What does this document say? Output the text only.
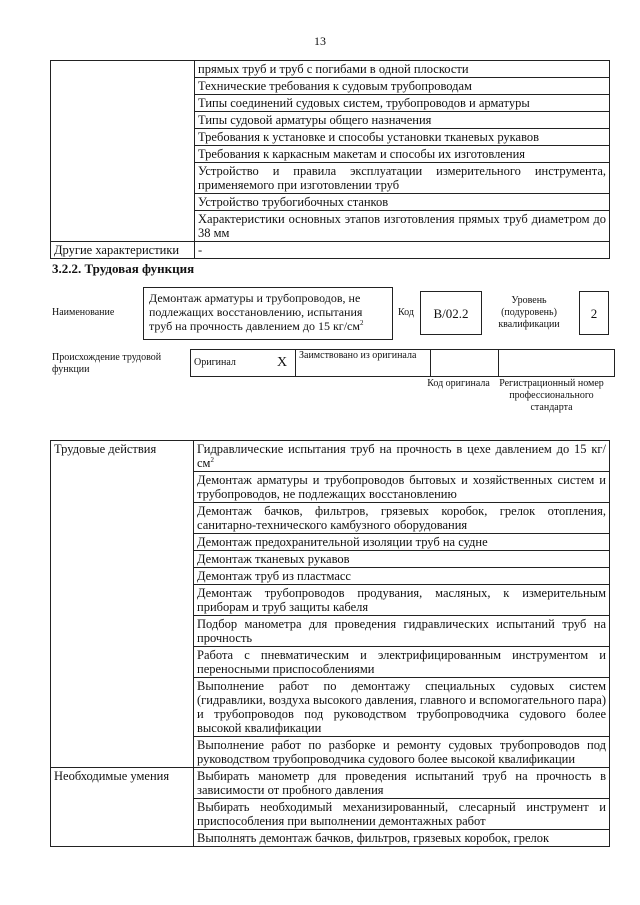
13
	прямых труб и труб с погибами в одной плоскости
	Технические требования к судовым трубопроводам
	Типы соединений судовых систем, трубопроводов и арматуры
	Типы судовой арматуры общего назначения
	Требования к установке и способы установки тканевых рукавов
	Требования к каркасным макетам и способы их изготовления
	Устройство и правила эксплуатации измерительного инструмента, применяемого при изготовлении труб
	Устройство трубогибочных станков
	Характеристики основных этапов изготовления прямых труб диаметром до 38 мм
Другие характеристики	-
3.2.2. Трудовая функция
Наименование
Демонтаж арматуры и трубопроводов, не подлежащих восстановлению, испытания труб на прочность давлением до 15 $кг/см^2$
Код	B/02.2
Уровень (подуровень) квалификации
2
Происхождение трудовой функции
Оригинал	X	Заимствовано из оригинала		
Код оригинала Регистрационный номер профессионального стандарта
Трудовые действия	Гидравлические испытания труб на прочность в цехе давлением до 15 $кг/см^2$
	Демонтаж арматуры и трубопроводов бытовых и хозяйственных систем и трубопроводов, не подлежащих восстановлению
	Демонтаж бачков, фильтров, грязевых коробок, грелок отопления, санитарно-технического камбузного оборудования
	Демонтаж предохранительной изоляции труб на судне
	Демонтаж тканевых рукавов
	Демонтаж труб из пластмасс
	Демонтаж трубопроводов продувания, масляных, к измерительным приборам и труб защиты кабеля
	Подбор манометра для проведения гидравлических испытаний труб на прочность
	Работа с пневматическим и электрифицированным инструментом и переносными приспособлениями
	Выполнение работ по демонтажу специальных судовых систем (гидравлики, воздуха высокого давления, главного и вспомогательного пара) и трубопроводов под руководством трубопроводчика судового более высокой квалификации
	Выполнение работ по разборке и ремонту судовых трубопроводов под руководством трубопроводчика судового более высокой квалификации
Необходимые умения	Выбирать манометр для проведения испытаний труб на прочность в зависимости от пробного давления
	Выбирать необходимый механизированный, слесарный инструмент и приспособления при выполнении демонтажных работ
	Выполнять демонтаж бачков, фильтров, грязевых коробок, грелок
